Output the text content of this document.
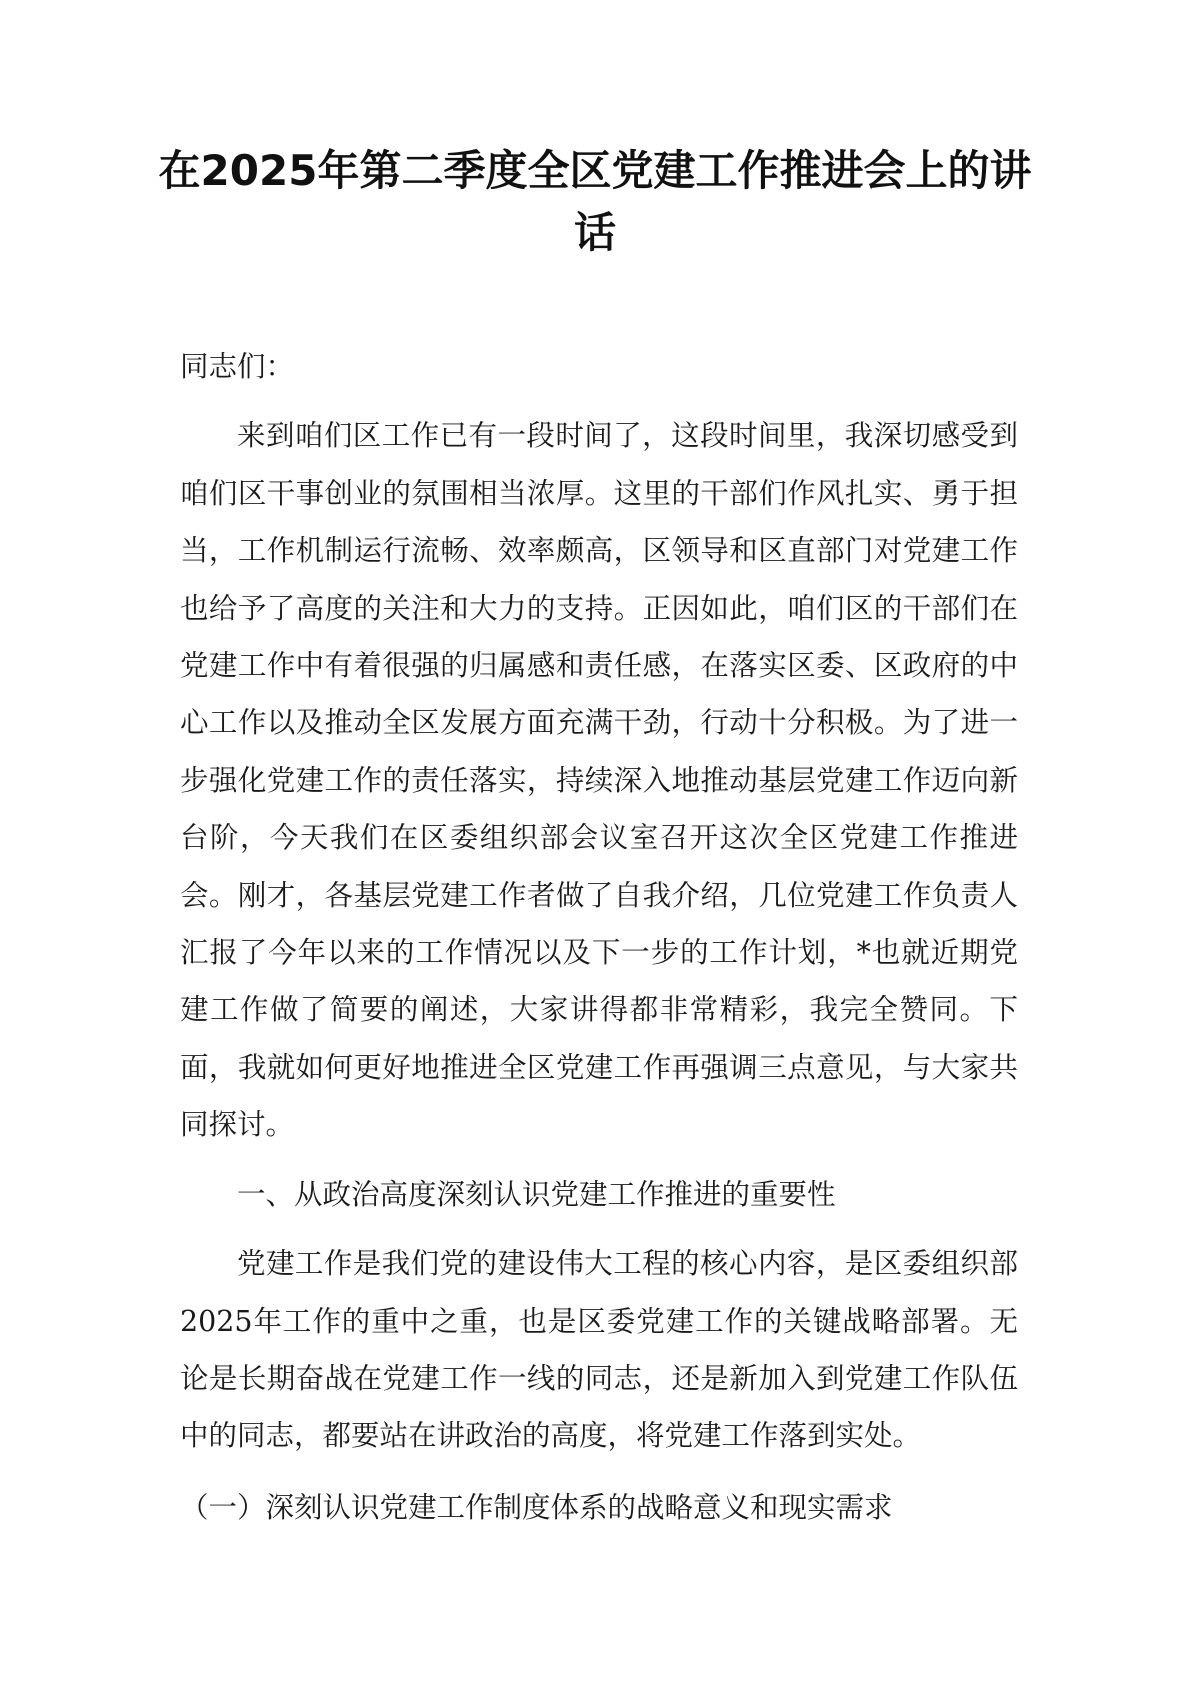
在2025年第二季度全区党建工作推进会上的讲话

同志们：

来到咱们区工作已有一段时间了，这段时间里，我深切感受到咱们区干事创业的氛围相当浓厚。这里的干部们作风扎实、勇于担当，工作机制运行流畅、效率颇高，区领导和区直部门对党建工作也给予了高度的关注和大力的支持。正因如此，咱们区的干部们在党建工作中有着很强的归属感和责任感，在落实区委、区政府的中心工作以及推动全区发展方面充满干劲，行动十分积极。为了进一步强化党建工作的责任落实，持续深入地推动基层党建工作迈向新台阶，今天我们在区委组织部会议室召开这次全区党建工作推进会。刚才，各基层党建工作者做了自我介绍，几位党建工作负责人汇报了今年以来的工作情况以及下一步的工作计划，*也就近期党建工作做了简要的阐述，大家讲得都非常精彩，我完全赞同。下面，我就如何更好地推进全区党建工作再强调三点意见，与大家共同探讨。

一、从政治高度深刻认识党建工作推进的重要性

党建工作是我们党的建设伟大工程的核心内容，是区委组织部2025年工作的重中之重，也是区委党建工作的关键战略部署。无论是长期奋战在党建工作一线的同志，还是新加入到党建工作队伍中的同志，都要站在讲政治的高度，将党建工作落到实处。

（一）深刻认识党建工作制度体系的战略意义和现实需求
